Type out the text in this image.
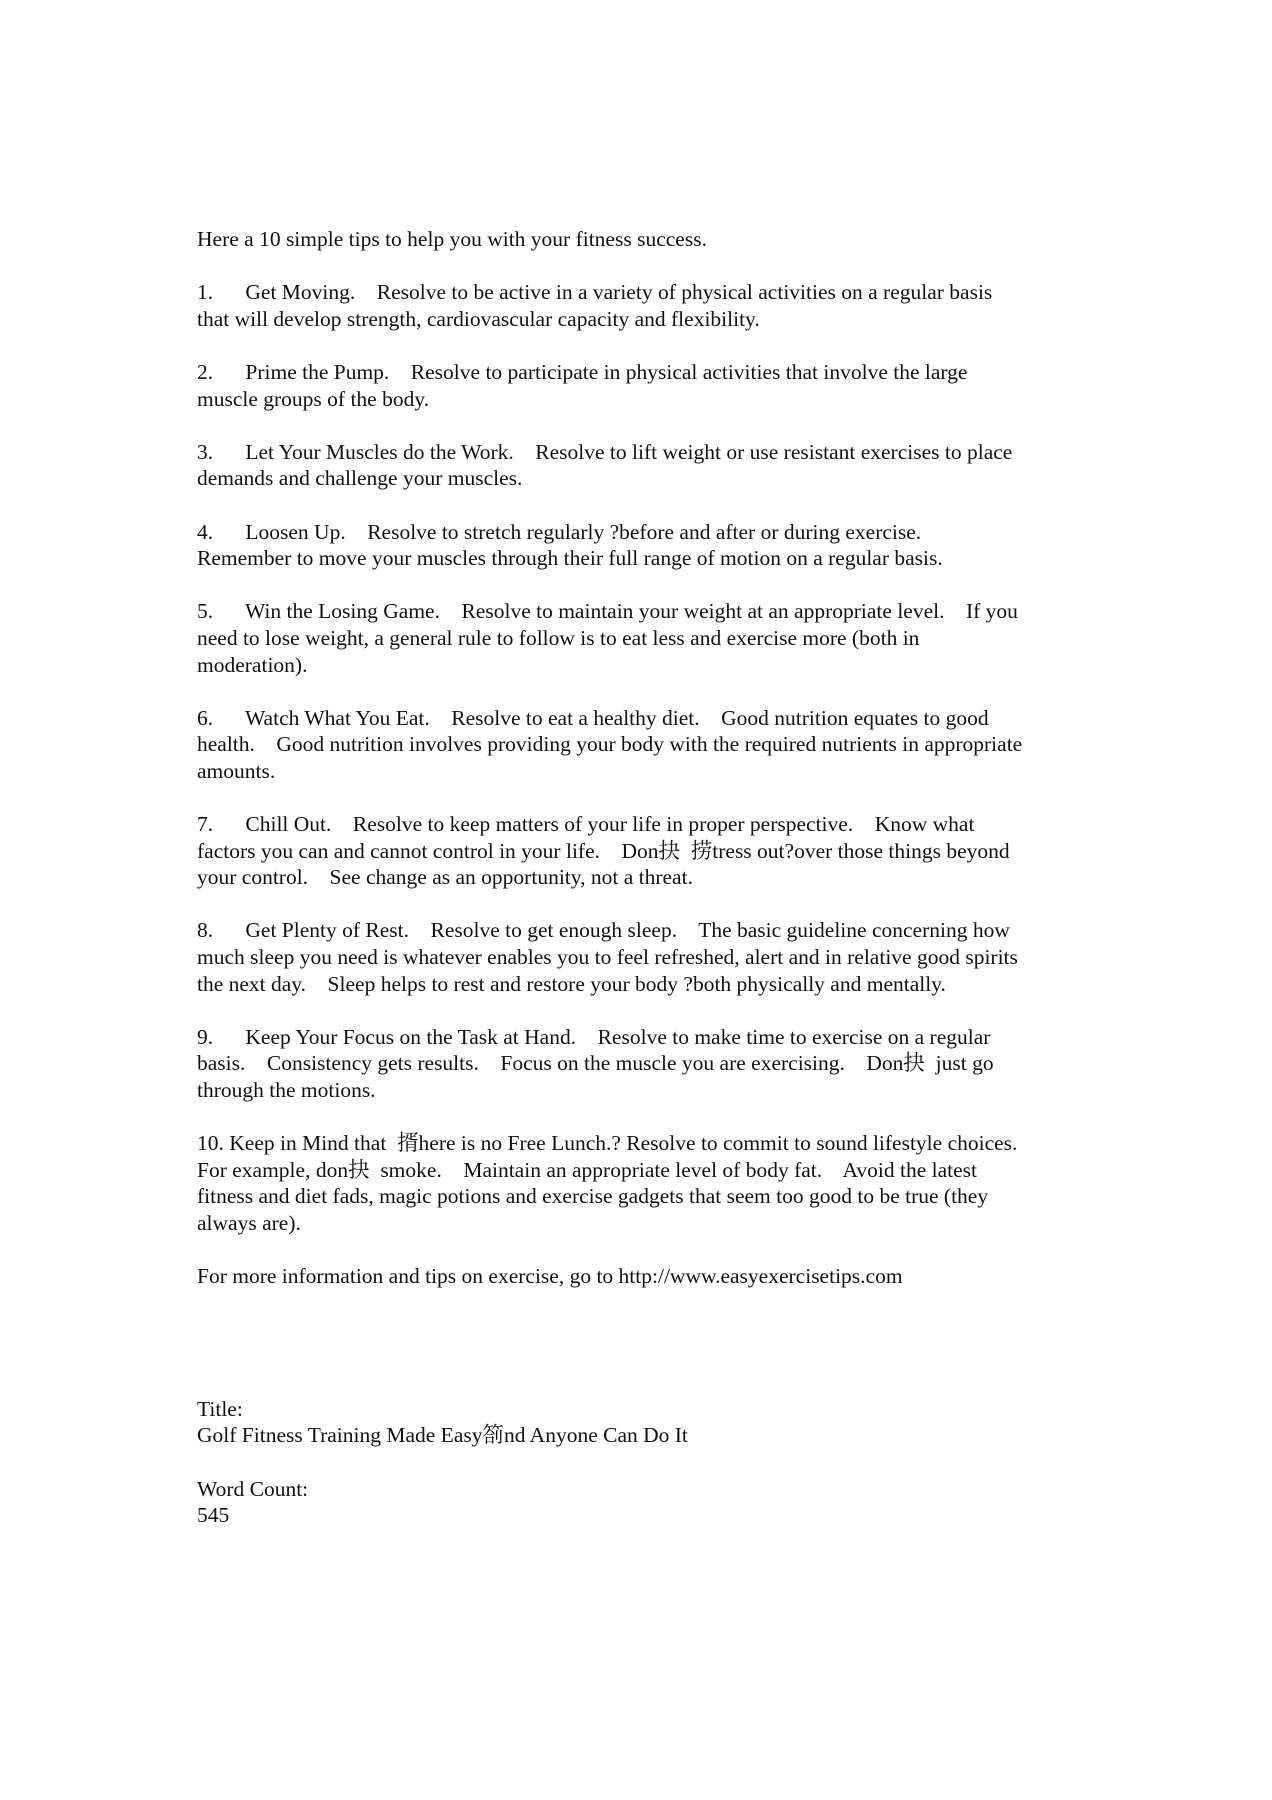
Here a 10 simple tips to help you with your fitness success.

1.      Get Moving.    Resolve to be active in a variety of physical activities on a regular basis
that will develop strength, cardiovascular capacity and flexibility.

2.      Prime the Pump.    Resolve to participate in physical activities that involve the large
muscle groups of the body.

3.      Let Your Muscles do the Work.    Resolve to lift weight or use resistant exercises to place
demands and challenge your muscles.

4.      Loosen Up.    Resolve to stretch regularly ?before and after or during exercise.
Remember to move your muscles through their full range of motion on a regular basis.

5.      Win the Losing Game.    Resolve to maintain your weight at an appropriate level.    If you
need to lose weight, a general rule to follow is to eat less and exercise more (both in
moderation).

6.      Watch What You Eat.    Resolve to eat a healthy diet.    Good nutrition equates to good
health.    Good nutrition involves providing your body with the required nutrients in appropriate
amounts.

7.      Chill Out.    Resolve to keep matters of your life in proper perspective.    Know what
factors you can and cannot control in your life.    Don抉  捞tress out?over those things beyond
your control.    See change as an opportunity, not a threat.

8.      Get Plenty of Rest.    Resolve to get enough sleep.    The basic guideline concerning how
much sleep you need is whatever enables you to feel refreshed, alert and in relative good spirits
the next day.    Sleep helps to rest and restore your body ?both physically and mentally.

9.      Keep Your Focus on the Task at Hand.    Resolve to make time to exercise on a regular
basis.    Consistency gets results.    Focus on the muscle you are exercising.    Don抉  just go
through the motions.

10. Keep in Mind that  揟here is no Free Lunch.? Resolve to commit to sound lifestyle choices.
For example, don抉  smoke.    Maintain an appropriate level of body fat.    Avoid the latest
fitness and diet fads, magic potions and exercise gadgets that seem too good to be true (they
always are).

For more information and tips on exercise, go to http://www.easyexercisetips.com

Title:

Golf Fitness Training Made Easy箚nd Anyone Can Do It

Word Count:

545
